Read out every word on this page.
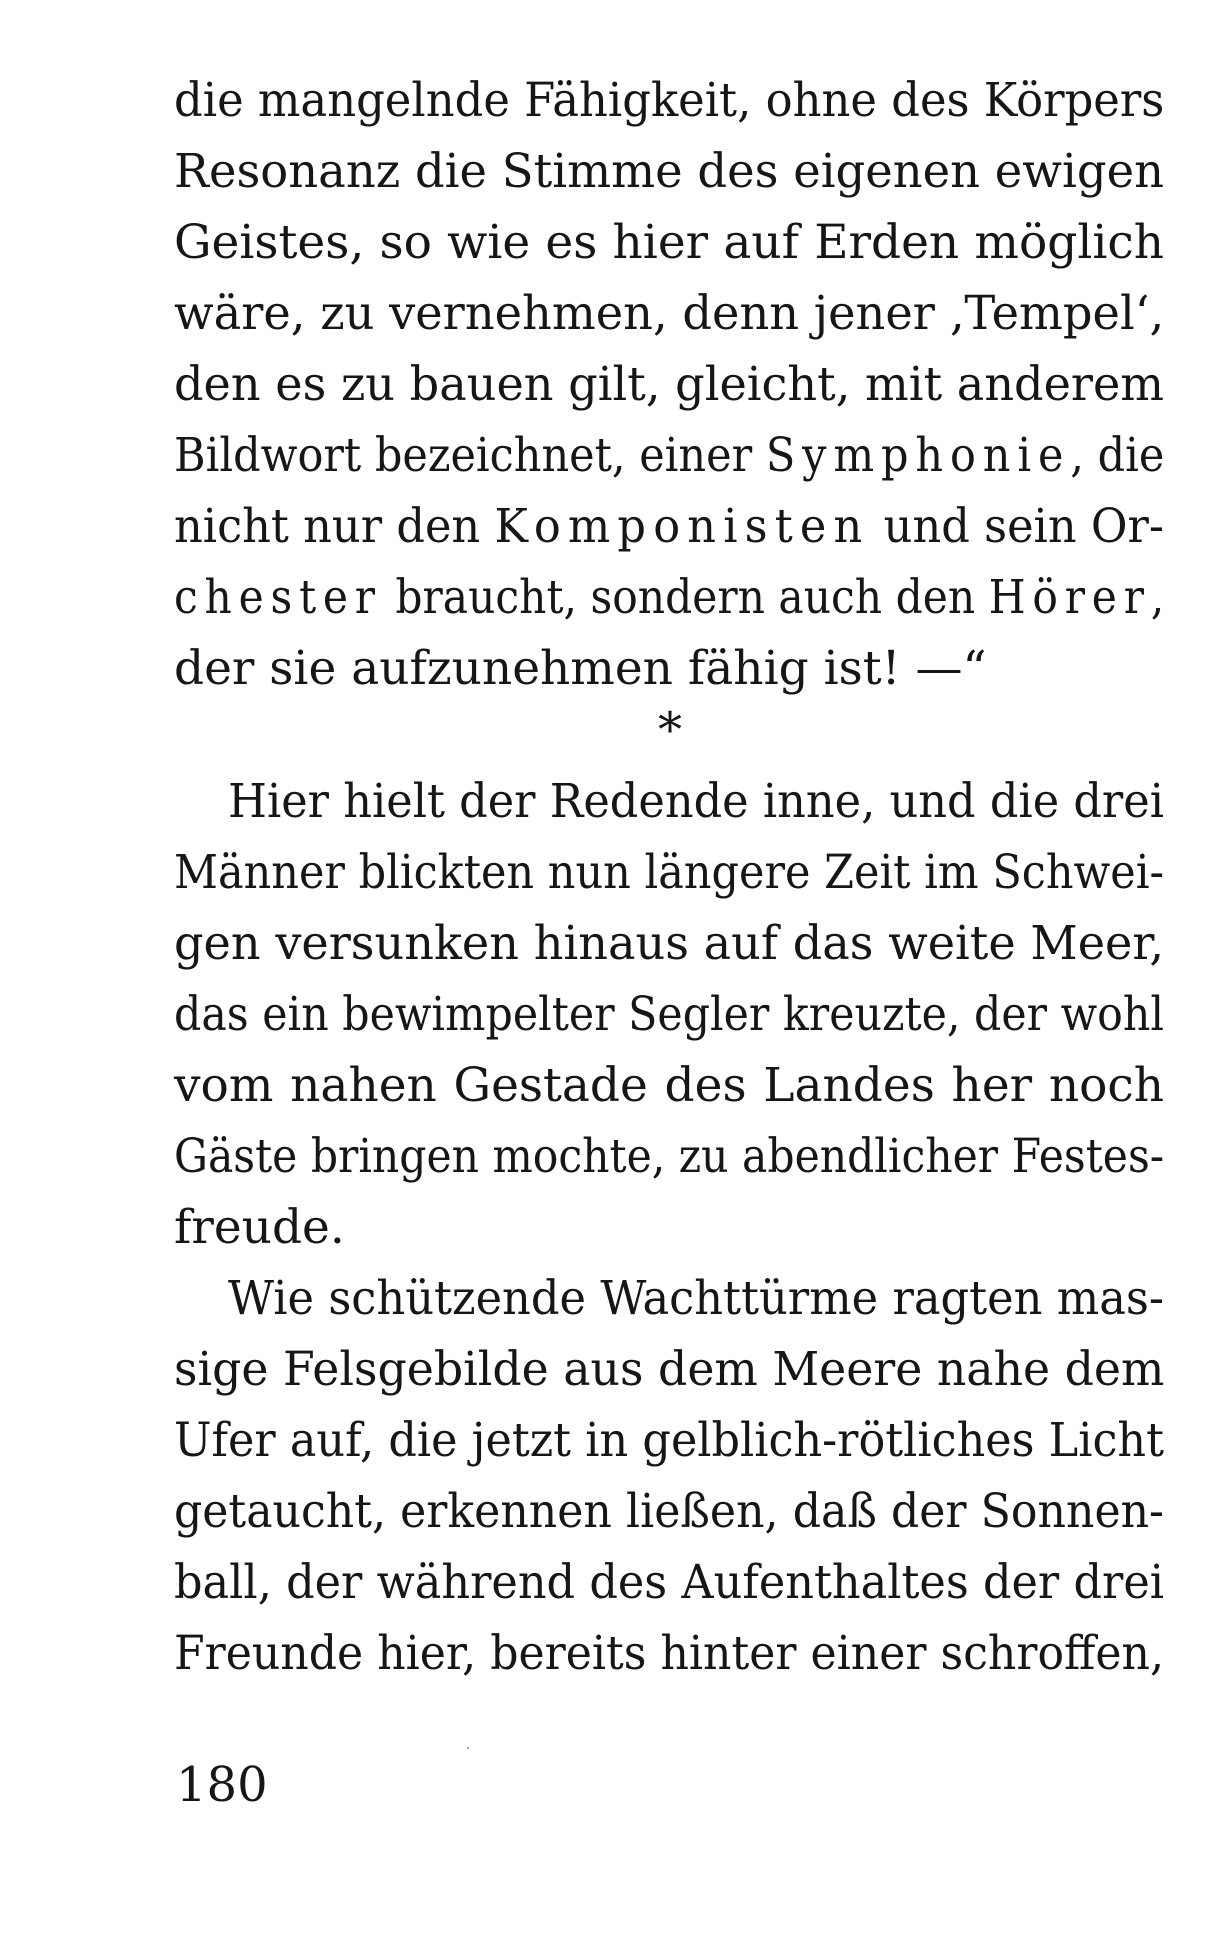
die mangelnde Fähigkeit, ohne des Körpers
Resonanz die Stimme des eigenen ewigen
Geistes, so wie es hier auf Erden möglich
wäre, zu vernehmen, denn jener ‚Tempel‘,
den es zu bauen gilt, gleicht, mit anderem
Bildwort bezeichnet, einer Symphonie, die
nicht nur den Komponisten und sein Or-
chester braucht, sondern auch den Hörer,
der sie aufzunehmen fähig ist! —“
*
Hier hielt der Redende inne, und die drei
Männer blickten nun längere Zeit im Schwei-
gen versunken hinaus auf das weite Meer,
das ein bewimpelter Segler kreuzte, der wohl
vom nahen Gestade des Landes her noch
Gäste bringen mochte, zu abendlicher Festes-
freude.
Wie schützende Wachttürme ragten mas-
sige Felsgebilde aus dem Meere nahe dem
Ufer auf, die jetzt in gelblich-rötliches Licht
getaucht, erkennen ließen, daß der Sonnen-
ball, der während des Aufenthaltes der drei
Freunde hier, bereits hinter einer schroffen,
180
